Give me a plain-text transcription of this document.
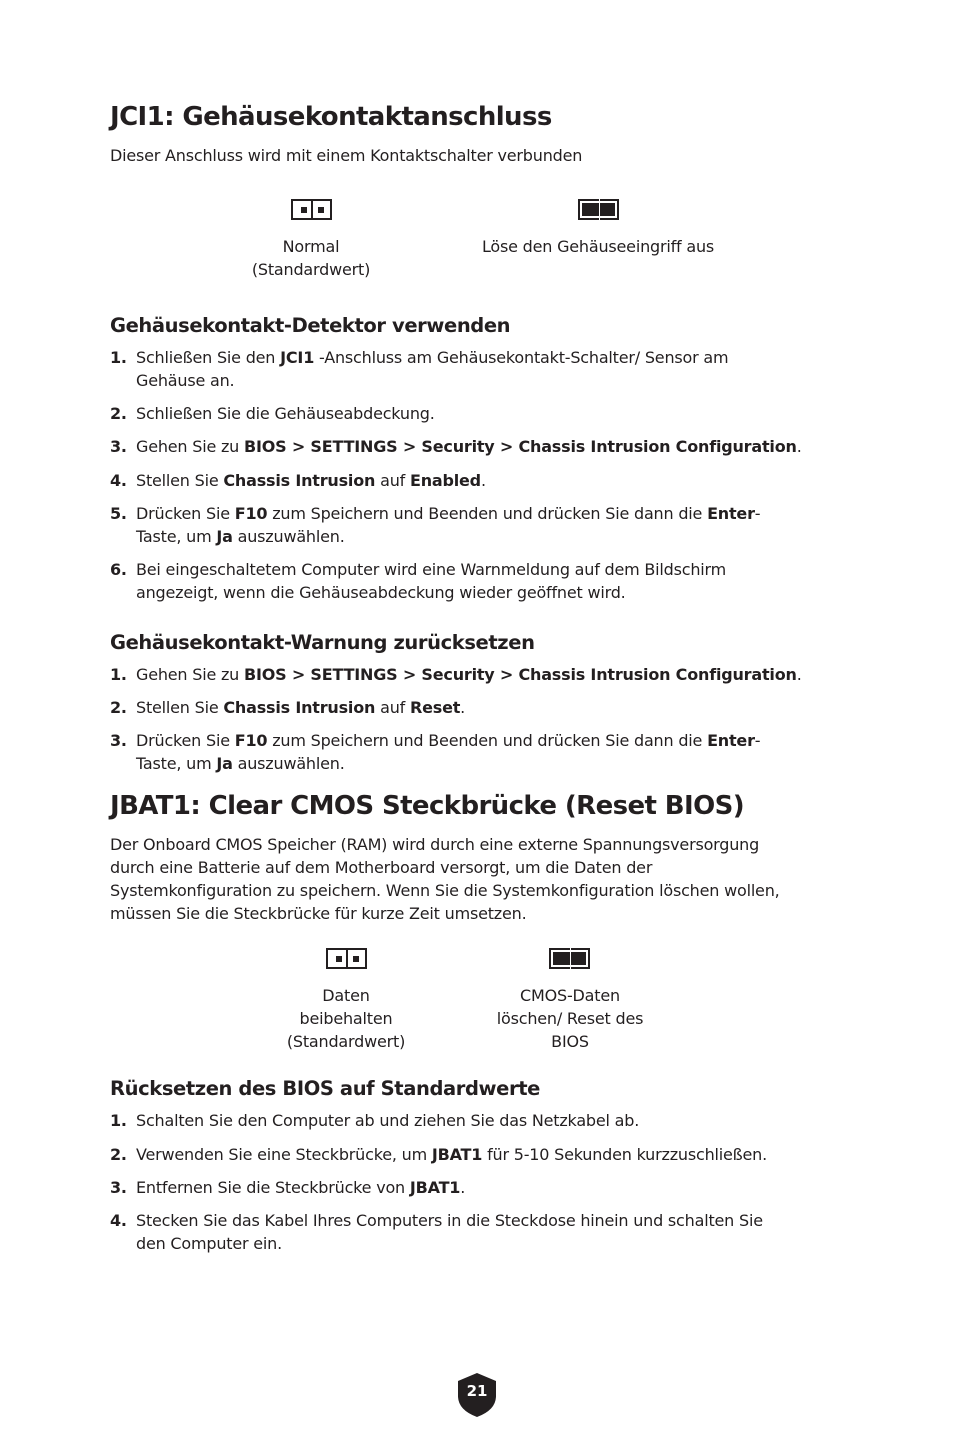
JCI1: Gehäusekontaktanschluss
Dieser Anschluss wird mit einem Kontaktschalter verbunden
Normal
(Standardwert)
Löse den Gehäuseeingriff aus
Gehäusekontakt-Detektor verwenden
1. Schließen Sie den JCI1 -Anschluss am Gehäusekontakt-Schalter/ Sensor am
Gehäuse an.
2. Schließen Sie die Gehäuseabdeckung.
3. Gehen Sie zu BIOS > SETTINGS > Security > Chassis Intrusion Configuration.
4. Stellen Sie Chassis Intrusion auf Enabled.
5. Drücken Sie F10 zum Speichern und Beenden und drücken Sie dann die Enter-
Taste, um Ja auszuwählen.
6. Bei eingeschaltetem Computer wird eine Warnmeldung auf dem Bildschirm
angezeigt, wenn die Gehäuseabdeckung wieder geöffnet wird.
Gehäusekontakt-Warnung zurücksetzen
1. Gehen Sie zu BIOS > SETTINGS > Security > Chassis Intrusion Configuration.
2. Stellen Sie Chassis Intrusion auf Reset.
3. Drücken Sie F10 zum Speichern und Beenden und drücken Sie dann die Enter-
Taste, um Ja auszuwählen.
JBAT1: Clear CMOS Steckbrücke (Reset BIOS)
Der Onboard CMOS Speicher (RAM) wird durch eine externe Spannungsversorgung
durch eine Batterie auf dem Motherboard versorgt, um die Daten der
Systemkonfiguration zu speichern. Wenn Sie die Systemkonfiguration löschen wollen,
müssen Sie die Steckbrücke für kurze Zeit umsetzen.
Daten
beibehalten
(Standardwert)
CMOS-Daten
löschen/ Reset des
BIOS
Rücksetzen des BIOS auf Standardwerte
1. Schalten Sie den Computer ab und ziehen Sie das Netzkabel ab.
2. Verwenden Sie eine Steckbrücke, um JBAT1 für 5-10 Sekunden kurzzuschließen.
3. Entfernen Sie die Steckbrücke von JBAT1.
4. Stecken Sie das Kabel Ihres Computers in die Steckdose hinein und schalten Sie
den Computer ein.
21
